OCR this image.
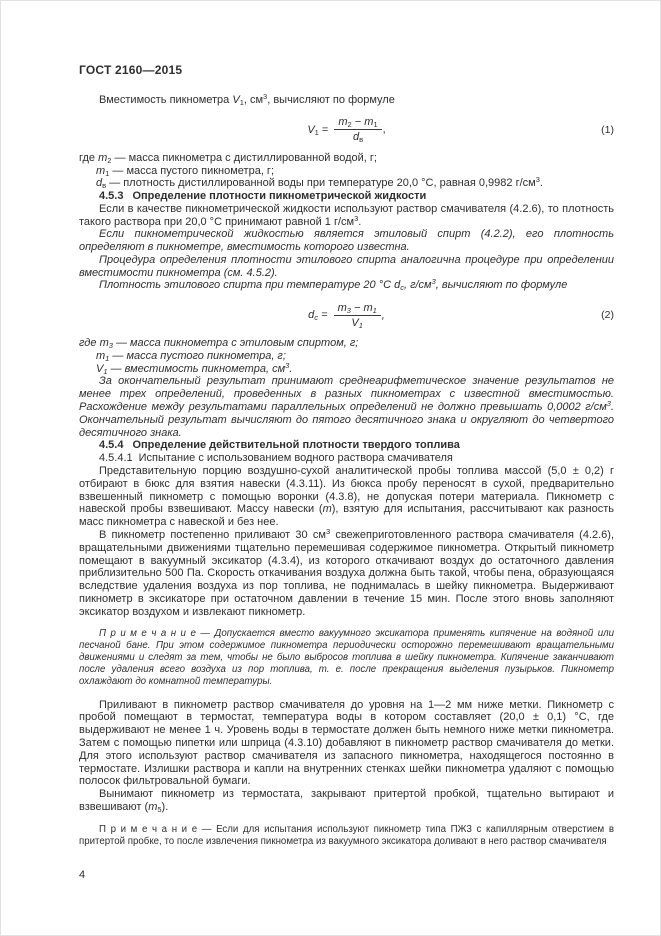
ГОСТ 2160—2015

Вместимость пикнометра $V_1$, $см^3$, вычисляют по формуле

$V_1 = \frac{m_2 - m_1}{d_в}$ ,	(1)
где $m_2$ — масса пикнометра с дистиллированной водой, г;
$m_1$ — масса пустого пикнометра, г;
$d_в$ — плотность дистиллированной воды при температуре 20,0 °C, равная 0,9982 $г/см^3$.

4.5.3 Определение плотности пикнометрической жидкости

Если в качестве пикнометрической жидкости используют раствор смачивателя (4.2.6), то плотность такого раствора при 20,0 °C принимают равной 1 $г/см^3$.

Если пикнометрической жидкостью является этиловый спирт (4.2.2), его плотность определяют в пикнометре, вместимость которого известна.

Процедура определения плотности этилового спирта аналогична процедуре при определении вместимости пикнометра (см. 4.5.2).

Плотность этилового спирта при температуре 20 °C $d_с$, $г/см^3$, вычисляют по формуле

$d_с = \frac{m_3 - m_1}{V_1}$ ,	(2)
где $m_3$ — масса пикнометра с этиловым спиртом, г;
$m_1$ — масса пустого пикнометра, г;
$V_1$ — вместимость пикнометра, $см^3$.

За окончательный результат принимают среднеарифметическое значение результатов не менее трех определений, проведенных в разных пикнометрах с известной вместимостью. Расхождение между результатами параллельных определений не должно превышать 0,0002 $г/см^3$. Окончательный результат вычисляют до пятого десятичного знака и округляют до четвертого десятичного знака.

4.5.4 Определение действительной плотности твердого топлива

4.5.4.1 Испытание с использованием водного раствора смачивателя

Представительную порцию воздушно-сухой аналитической пробы топлива массой (5,0 ± 0,2) г отбирают в бюкс для взятия навески (4.3.11). Из бюкса пробу переносят в сухой, предварительно взвешенный пикнометр с помощью воронки (4.3.8), не допуская потери материала. Пикнометр с навеской пробы взвешивают. Массу навески (m), взятую для испытания, рассчитывают как разность масс пикнометра с навеской и без нее.

В пикнометр постепенно приливают 30 $см^3$ свежеприготовленного раствора смачивателя (4.2.6), вращательными движениями тщательно перемешивая содержимое пикнометра. Открытый пикнометр помещают в вакуумный эксикатор (4.3.4), из которого откачивают воздух до остаточного давления приблизительно 500 Па. Скорость откачивания воздуха должна быть такой, чтобы пена, образующаяся вследствие удаления воздуха из пор топлива, не поднималась в шейку пикнометра. Выдерживают пикнометр в эксикаторе при остаточном давлении в течение 15 мин. После этого вновь заполняют эксикатор воздухом и извлекают пикнометр.

П р и м е ч а н и е — Допускается вместо вакуумного эксикатора применять кипячение на водяной или песчаной бане. При этом содержимое пикнометра периодически осторожно перемешивают вращательными движениями и следят за тем, чтобы не было выбросов топлива в шейку пикнометра. Кипячение заканчивают после удаления всего воздуха из пор топлива, т. е. после прекращения выделения пузырьков. Пикнометр охлаждают до комнатной температуры.

Приливают в пикнометр раствор смачивателя до уровня на 1—2 мм ниже метки. Пикнометр с пробой помещают в термостат, температура воды в котором составляет (20,0 ± 0,1) °C, где выдерживают не менее 1 ч. Уровень воды в термостате должен быть немного ниже метки пикнометра. Затем с помощью пипетки или шприца (4.3.10) добавляют в пикнометр раствор смачивателя до метки. Для этого используют раствор смачивателя из запасного пикнометра, находящегося постоянно в термостате. Излишки раствора и капли на внутренних стенках шейки пикнометра удаляют с помощью полосок фильтровальной бумаги.

Вынимают пикнометр из термостата, закрывают притертой пробкой, тщательно вытирают и взвешивают $(m_5)$.

П р и м е ч а н и е — Если для испытания используют пикнометр типа ПЖ3 с капиллярным отверстием в притертой пробке, то после извлечения пикнометра из вакуумного эксикатора доливают в него раствор смачивателя

4
